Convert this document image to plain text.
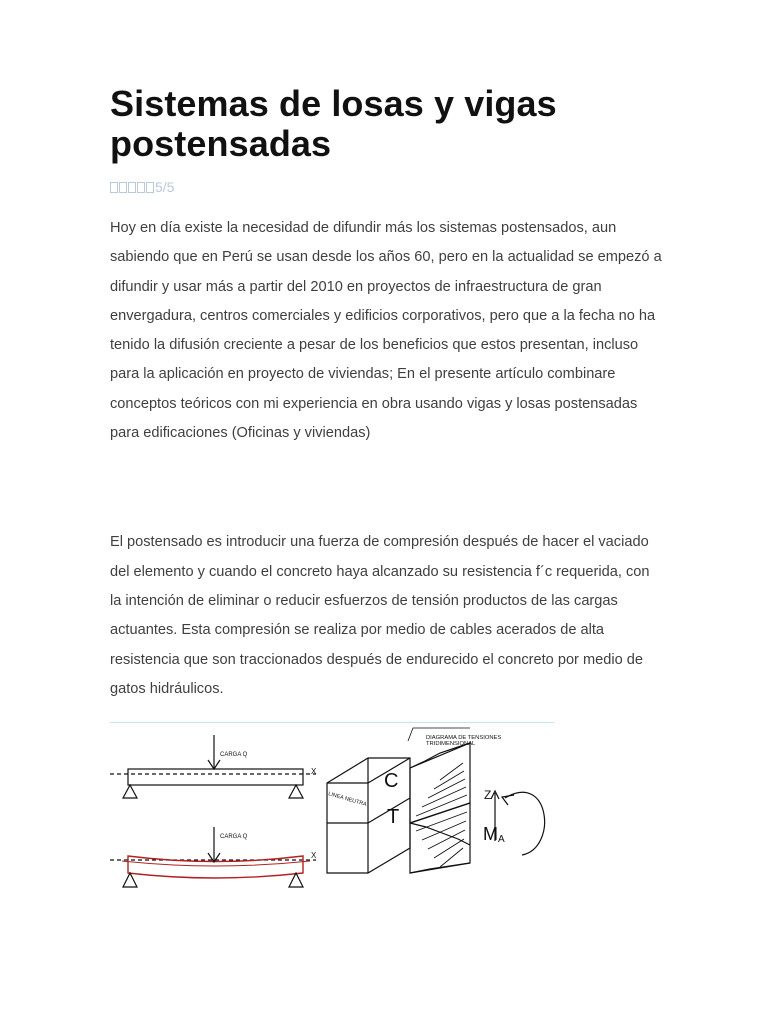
Sistemas de losas y vigas postensadas
5/5

Hoy en día existe la necesidad de difundir más los sistemas postensados, aun sabiendo que en Perú se usan desde los años 60, pero en la actualidad se empezó a difundir y usar más a partir del 2010 en proyectos de infraestructura de gran envergadura, centros comerciales y edificios corporativos, pero que a la fecha no ha tenido la difusión creciente a pesar de los beneficios que estos presentan, incluso para la aplicación en proyecto de viviendas; En el presente artículo combinare conceptos teóricos con mi experiencia en obra usando vigas y losas postensadas para edificaciones (Oficinas y viviendas)

El postensado es introducir una fuerza de compresión después de hacer el vaciado del elemento y cuando el concreto haya alcanzado su resistencia f´c requerida, con la intención de eliminar o reducir esfuerzos de tensión productos de las cargas actuantes. Esta compresión se realiza por medio de cables acerados de alta resistencia que son traccionados después de endurecido el concreto por medio de gatos hidráulicos.

CARGA Q
X
CARGA Q
X
DIAGRAMA DE TENSIONES
TRIDIMENSIONAL
LINEA NEUTRA
C
T
Z
M A
